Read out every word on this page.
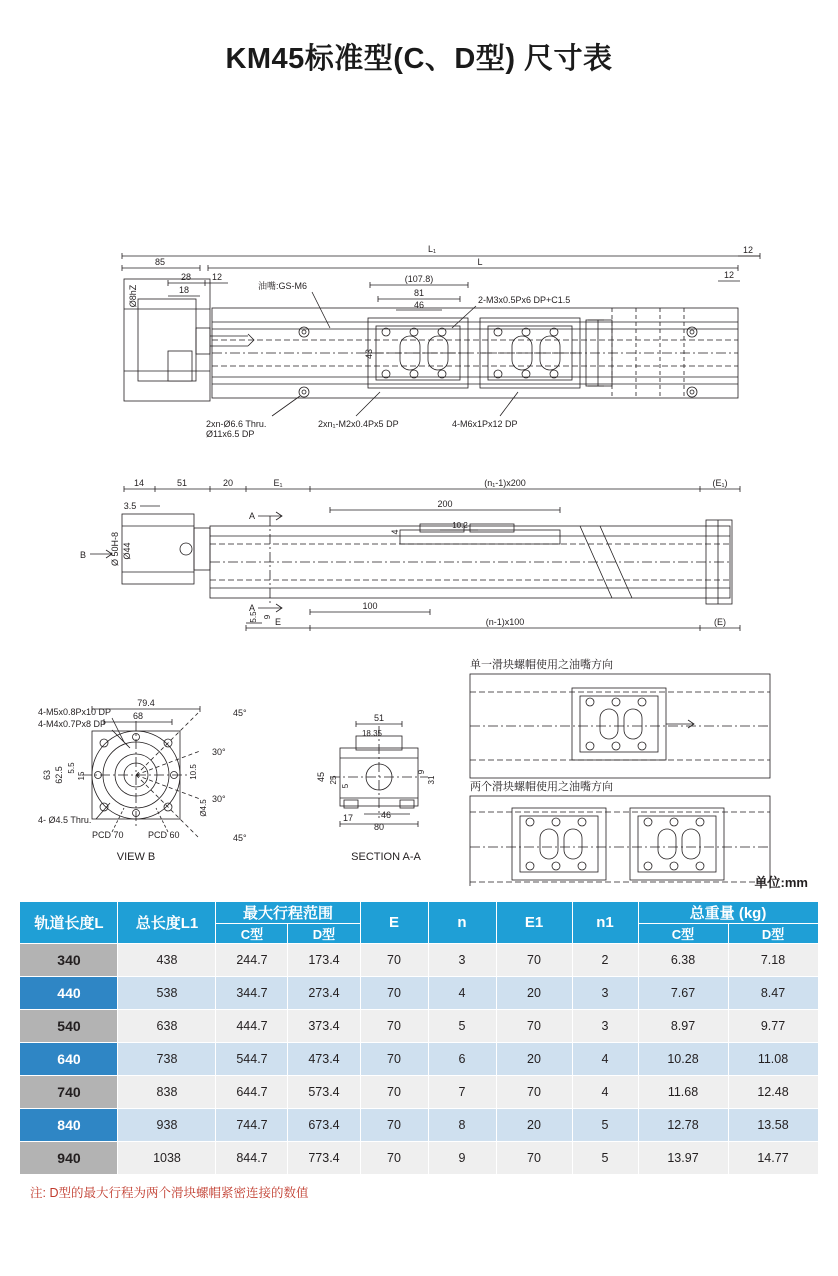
KM45标准型(C、D型) 尺寸表
L₁
L
85
12
12
28 12
18
Ø8hZ
(107.8)
81
46
43
油嘴:GS-M6
2-M3x0.5Px6 DP+C1.5
2xn-Ø6.6 Thru.
Ø11x6.5 DP
2xn₁-M2x0.4Px5 DP	4-M6x1Px12 DP
14	51	20	E₁	(n₁-1)x200	(E₁)
3.5
Ø 50H-8 Ø44
B
10.2
4
200
A
A
5.5 9
100
E	(n-1)x100	(E)
45°
30°
30°
45°
79.4
68
63 62.5 5.5
15	10.5
Ø4.5
4-M5x0.8Px10 DP
4-M4x0.7Px8 DP
4- Ø4.5 Thru.
PCD 70	PCD 60
VIEW B
51
18.35
45 25
5
9
31
17	46
80
SECTION A-A
单一滑块螺帽使用之油嘴方向
两个滑块螺帽使用之油嘴方向
单位:mm
轨道长度L	总长度L1	最大行程范围		E	n	E1	n1	总重量 (kg)	
		C型	D型					C型	D型
340	438	244.7	173.4	70	3	70	2	6.38	7.18
440	538	344.7	273.4	70	4	20	3	7.67	8.47
540	638	444.7	373.4	70	5	70	3	8.97	9.77
640	738	544.7	473.4	70	6	20	4	10.28	11.08
740	838	644.7	573.4	70	7	70	4	11.68	12.48
840	938	744.7	673.4	70	8	20	5	12.78	13.58
940	1038	844.7	773.4	70	9	70	5	13.97	14.77
注: D型的最大行程为两个滑块螺帽紧密连接的数值
